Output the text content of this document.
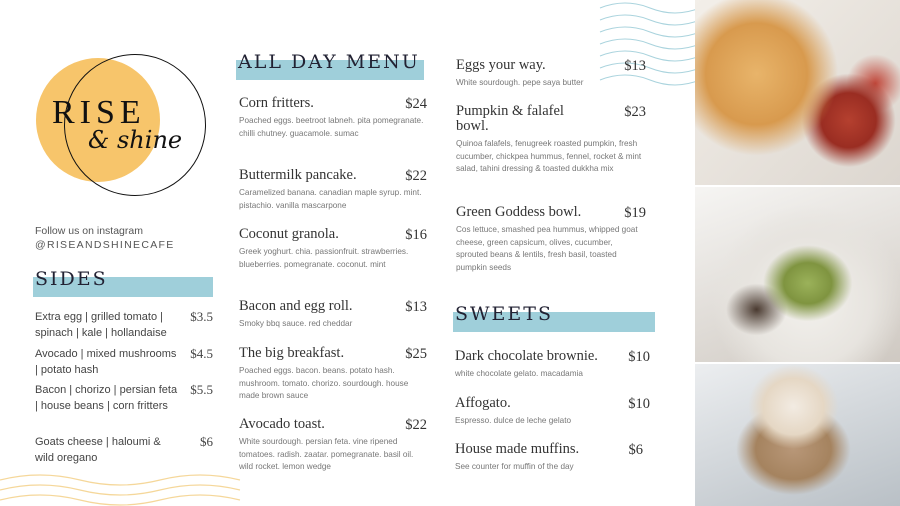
RISE
& shine
Follow us on instagram
@RISEANDSHINECAFE
SIDES
Extra egg | grilled tomato | spinach | kale | hollandaise
$3.5
Avocado | mixed mushrooms | potato hash
$4.5
Bacon | chorizo | persian feta | house beans | corn fritters
$5.5
Goats cheese | haloumi & wild oregano
$6
ALL DAY MENU
Corn fritters.	$24
Poached eggs. beetroot labneh. pita pomegranate. chilli chutney. guacamole. sumac
Buttermilk pancake.	$22
Caramelized banana. canadian maple syrup. mint. pistachio. vanilla mascarpone
Coconut granola.	$16
Greek yoghurt. chia. passionfruit. strawberries. blueberries. pomegranate. coconut. mint
Bacon and egg roll.	$13
Smoky bbq sauce. red cheddar
The big breakfast.	$25
Poached eggs. bacon. beans. potato hash. mushroom. tomato. chorizo. sourdough. house made brown sauce
Avocado toast.	$22
White sourdough. persian feta. vine ripened tomatoes. radish. zaatar. pomegranate. basil oil. wild rocket. lemon wedge
Eggs your way.	$13
White sourdough. pepe saya butter
Pumpkin & falafel bowl.
$23
Quinoa falafels, fenugreek roasted pumpkin, fresh cucumber, chickpea hummus, fennel, rocket & mint salad, tahini dressing & toasted dukkha mix
Green Goddess bowl.	$19
Cos lettuce, smashed pea hummus, whipped goat cheese, green capsicum, olives, cucumber, sprouted beans & lentils, fresh basil, toasted pumpkin seeds
SWEETS
Dark chocolate brownie.	$10
white chocolate gelato. macadamia
Affogato.	$10
Espresso. dulce de leche gelato
House made muffins.	$6
See counter for muffin of the day
